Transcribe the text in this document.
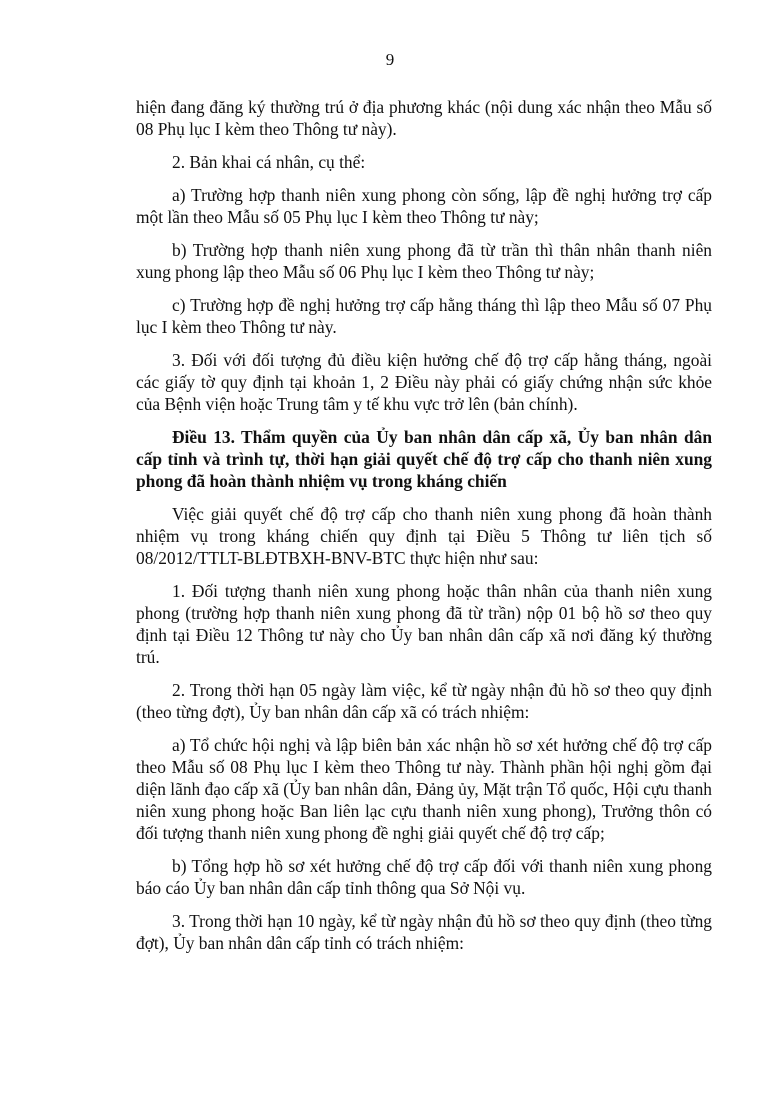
9

hiện đang đăng ký thường trú ở địa phương khác (nội dung xác nhận theo Mẫu số 08 Phụ lục I kèm theo Thông tư này).

2. Bản khai cá nhân, cụ thể:

a) Trường hợp thanh niên xung phong còn sống, lập đề nghị hưởng trợ cấp một lần theo Mẫu số 05 Phụ lục I kèm theo Thông tư này;

b) Trường hợp thanh niên xung phong đã từ trần thì thân nhân thanh niên xung phong lập theo Mẫu số 06 Phụ lục I kèm theo Thông tư này;

c) Trường hợp đề nghị hưởng trợ cấp hằng tháng thì lập theo Mẫu số 07 Phụ lục I kèm theo Thông tư này.

3. Đối với đối tượng đủ điều kiện hưởng chế độ trợ cấp hằng tháng, ngoài các giấy tờ quy định tại khoản 1, 2 Điều này phải có giấy chứng nhận sức khỏe của Bệnh viện hoặc Trung tâm y tế khu vực trở lên (bản chính).

Điều 13. Thẩm quyền của Ủy ban nhân dân cấp xã, Ủy ban nhân dân cấp tỉnh và trình tự, thời hạn giải quyết chế độ trợ cấp cho thanh niên xung phong đã hoàn thành nhiệm vụ trong kháng chiến

Việc giải quyết chế độ trợ cấp cho thanh niên xung phong đã hoàn thành nhiệm vụ trong kháng chiến quy định tại Điều 5 Thông tư liên tịch số 08/2012/TTLT-BLĐTBXH-BNV-BTC thực hiện như sau:

1. Đối tượng thanh niên xung phong hoặc thân nhân của thanh niên xung phong (trường hợp thanh niên xung phong đã từ trần) nộp 01 bộ hồ sơ theo quy định tại Điều 12 Thông tư này cho Ủy ban nhân dân cấp xã nơi đăng ký thường trú.

2. Trong thời hạn 05 ngày làm việc, kể từ ngày nhận đủ hồ sơ theo quy định (theo từng đợt), Ủy ban nhân dân cấp xã có trách nhiệm:

a) Tổ chức hội nghị và lập biên bản xác nhận hồ sơ xét hưởng chế độ trợ cấp theo Mẫu số 08 Phụ lục I kèm theo Thông tư này. Thành phần hội nghị gồm đại diện lãnh đạo cấp xã (Ủy ban nhân dân, Đảng ủy, Mặt trận Tổ quốc, Hội cựu thanh niên xung phong hoặc Ban liên lạc cựu thanh niên xung phong), Trưởng thôn có đối tượng thanh niên xung phong đề nghị giải quyết chế độ trợ cấp;

b) Tổng hợp hồ sơ xét hưởng chế độ trợ cấp đối với thanh niên xung phong báo cáo Ủy ban nhân dân cấp tỉnh thông qua Sở Nội vụ.

3. Trong thời hạn 10 ngày, kể từ ngày nhận đủ hồ sơ theo quy định (theo từng đợt), Ủy ban nhân dân cấp tỉnh có trách nhiệm:
